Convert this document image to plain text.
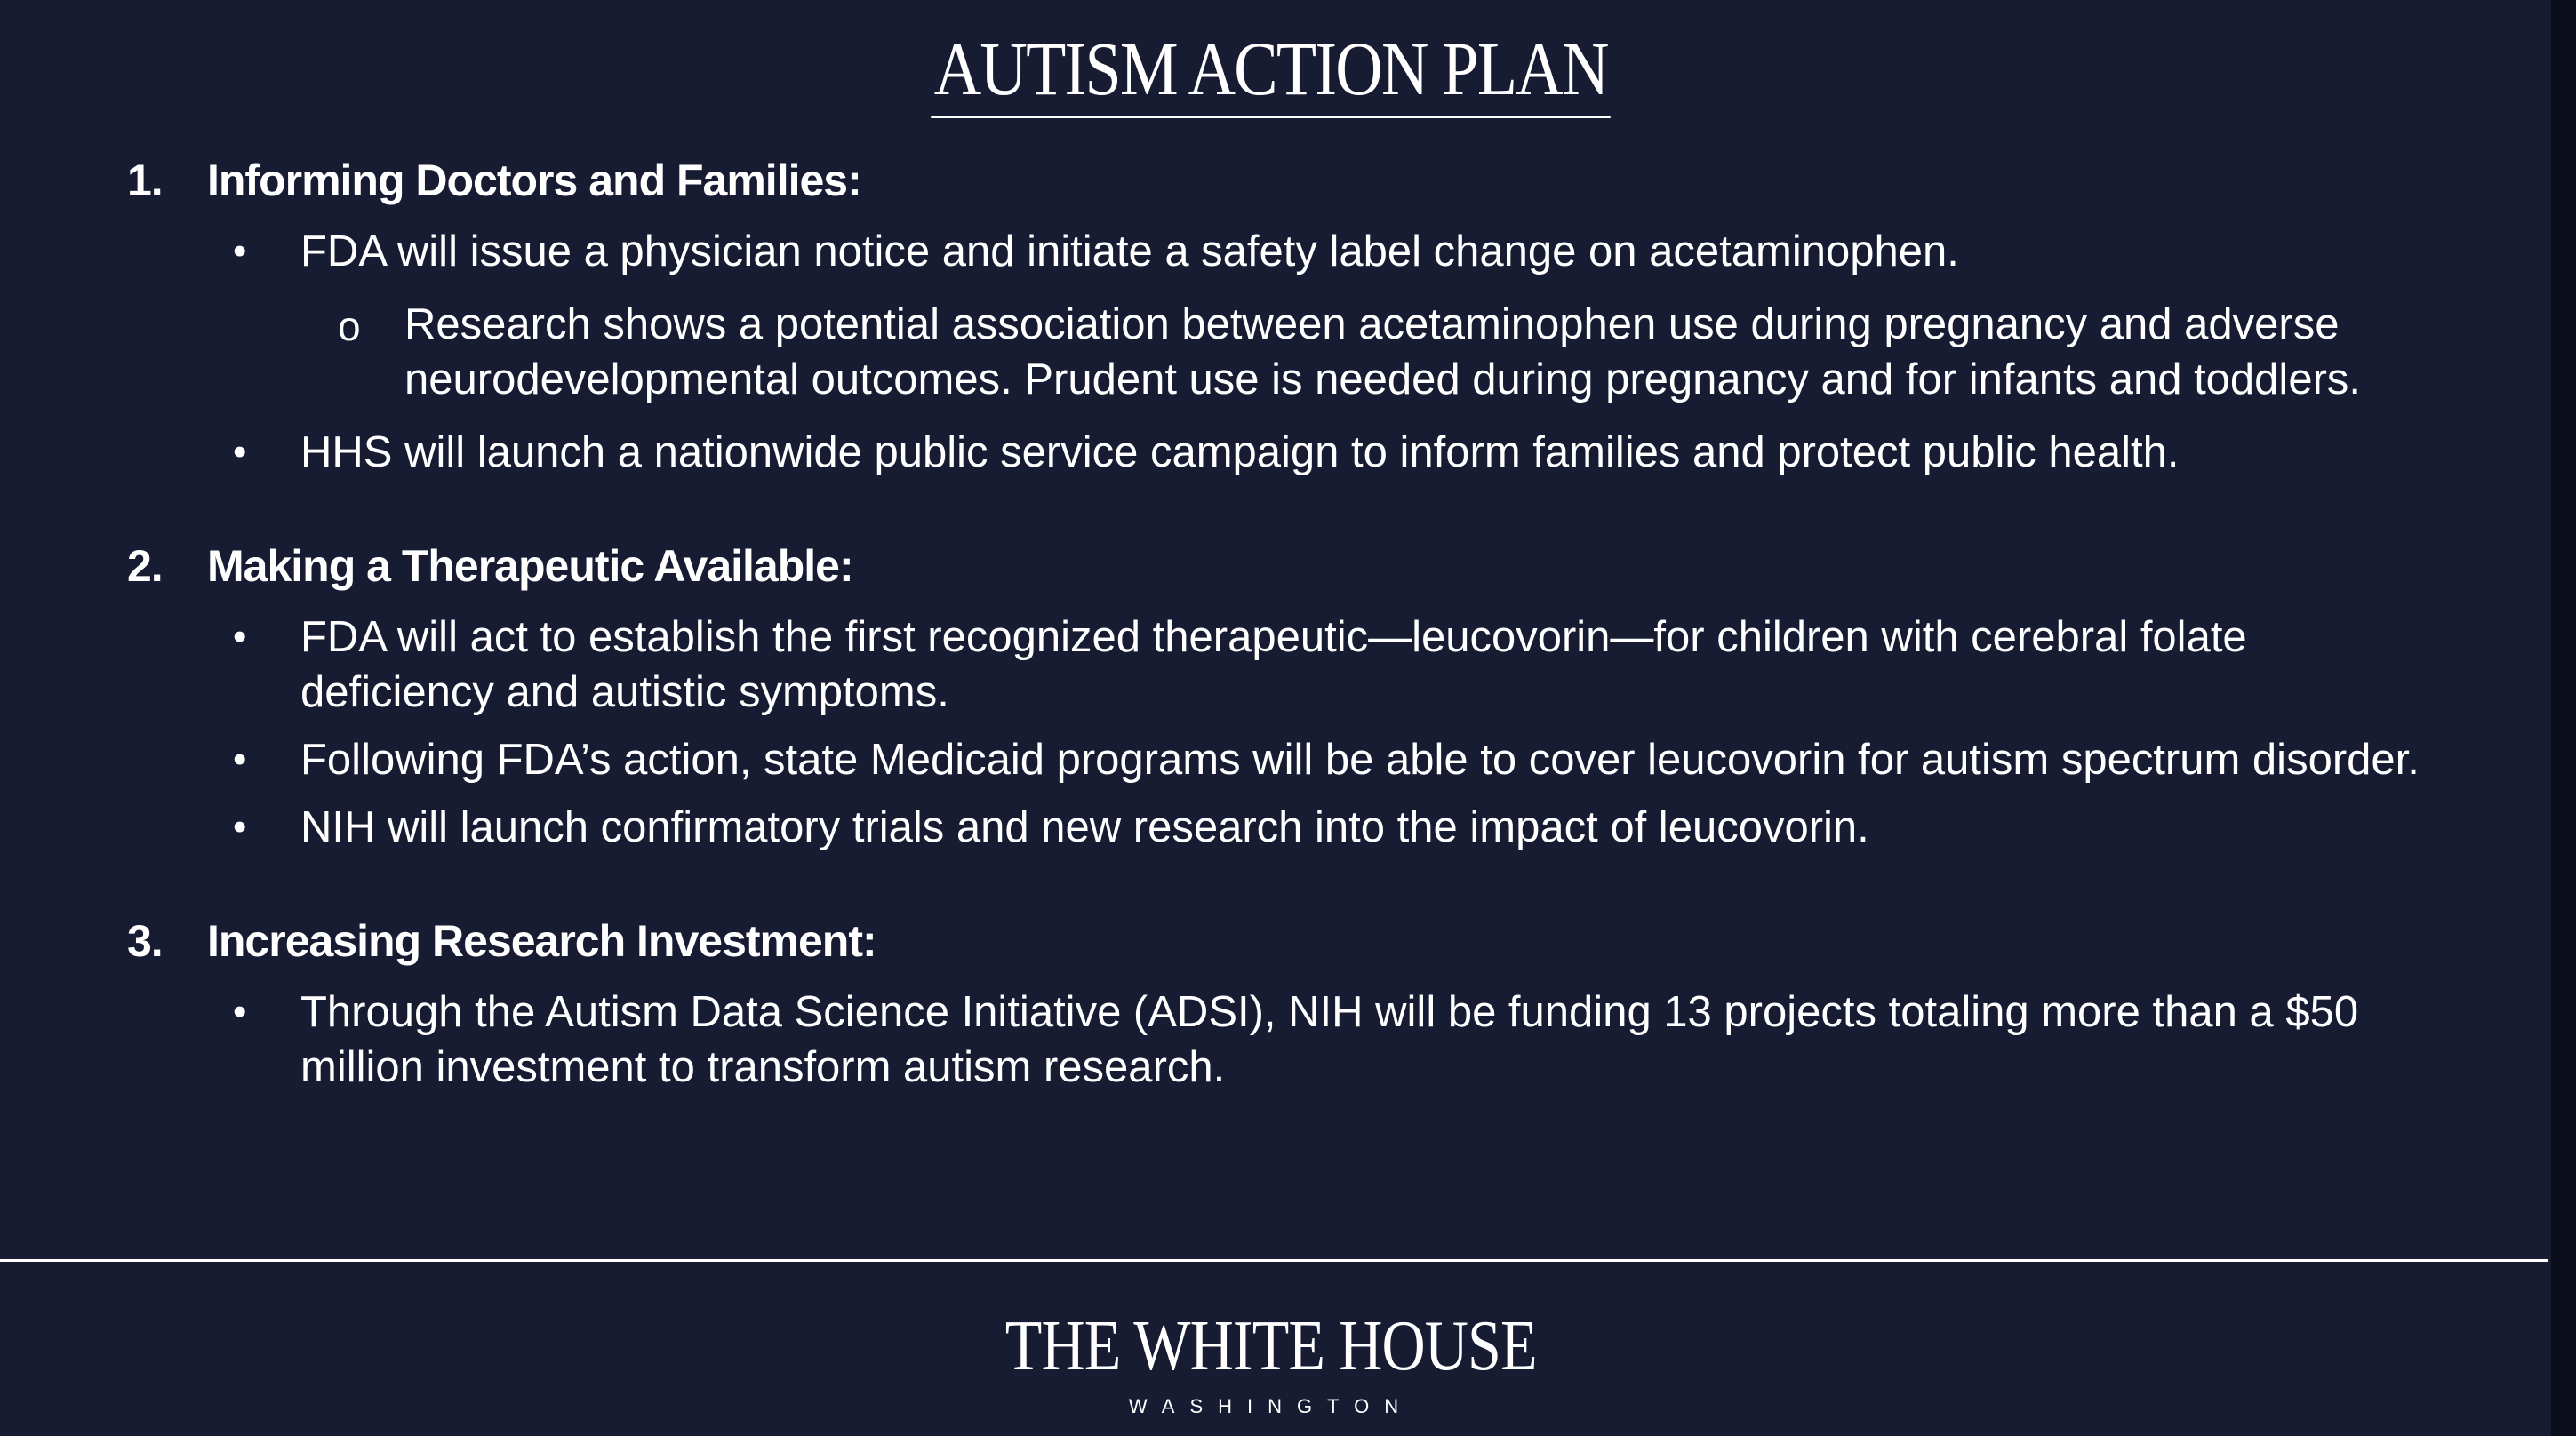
AUTISM ACTION PLAN
1. Informing Doctors and Families:
• FDA will issue a physician notice and initiate a safety label change on acetaminophen.
o Research shows a potential association between acetaminophen use during pregnancy and adverse neurodevelopmental outcomes. Prudent use is needed during pregnancy and for infants and toddlers.
• HHS will launch a nationwide public service campaign to inform families and protect public health.
2. Making a Therapeutic Available:
• FDA will act to establish the first recognized therapeutic—leucovorin—for children with cerebral folate deficiency and autistic symptoms.
• Following FDA’s action, state Medicaid programs will be able to cover leucovorin for autism spectrum disorder.
• NIH will launch confirmatory trials and new research into the impact of leucovorin.
3. Increasing Research Investment:
• Through the Autism Data Science Initiative (ADSI), NIH will be funding 13 projects totaling more than a $50 million investment to transform autism research.
THE WHITE HOUSE
WASHINGTON
